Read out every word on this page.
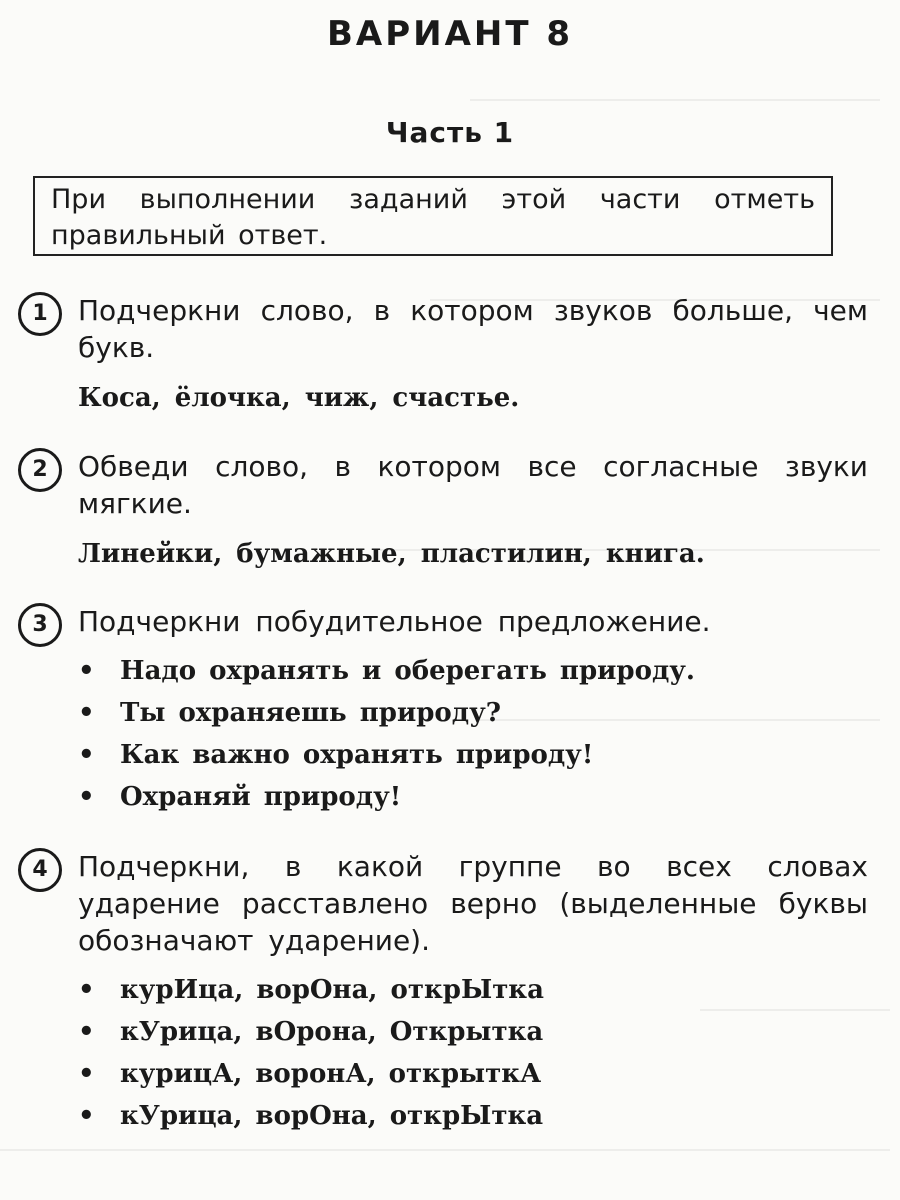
ВАРИАНТ 8
Часть 1
При выполнении заданий этой части отметь правильный ответ.
1	Подчеркни слово, в котором звуков больше, чем букв.
Коса, ёлочка, чиж, счастье.
2	Обведи слово, в котором все согласные звуки мягкие.
Линейки, бумажные, пластилин, книга.
3	Подчеркни побудительное предложение.
• Надо охранять и оберегать природу.
• Ты охраняешь природу?
• Как важно охранять природу!
• Охраняй природу!
4	Подчеркни, в какой группе во всех словах ударение расставлено верно (выделенные буквы обозначают ударение).
• курИца, ворОна, открЫтка
• кУрица, вОрона, Открытка
• курицА, воронА, открыткА
• кУрица, ворОна, открЫтка
